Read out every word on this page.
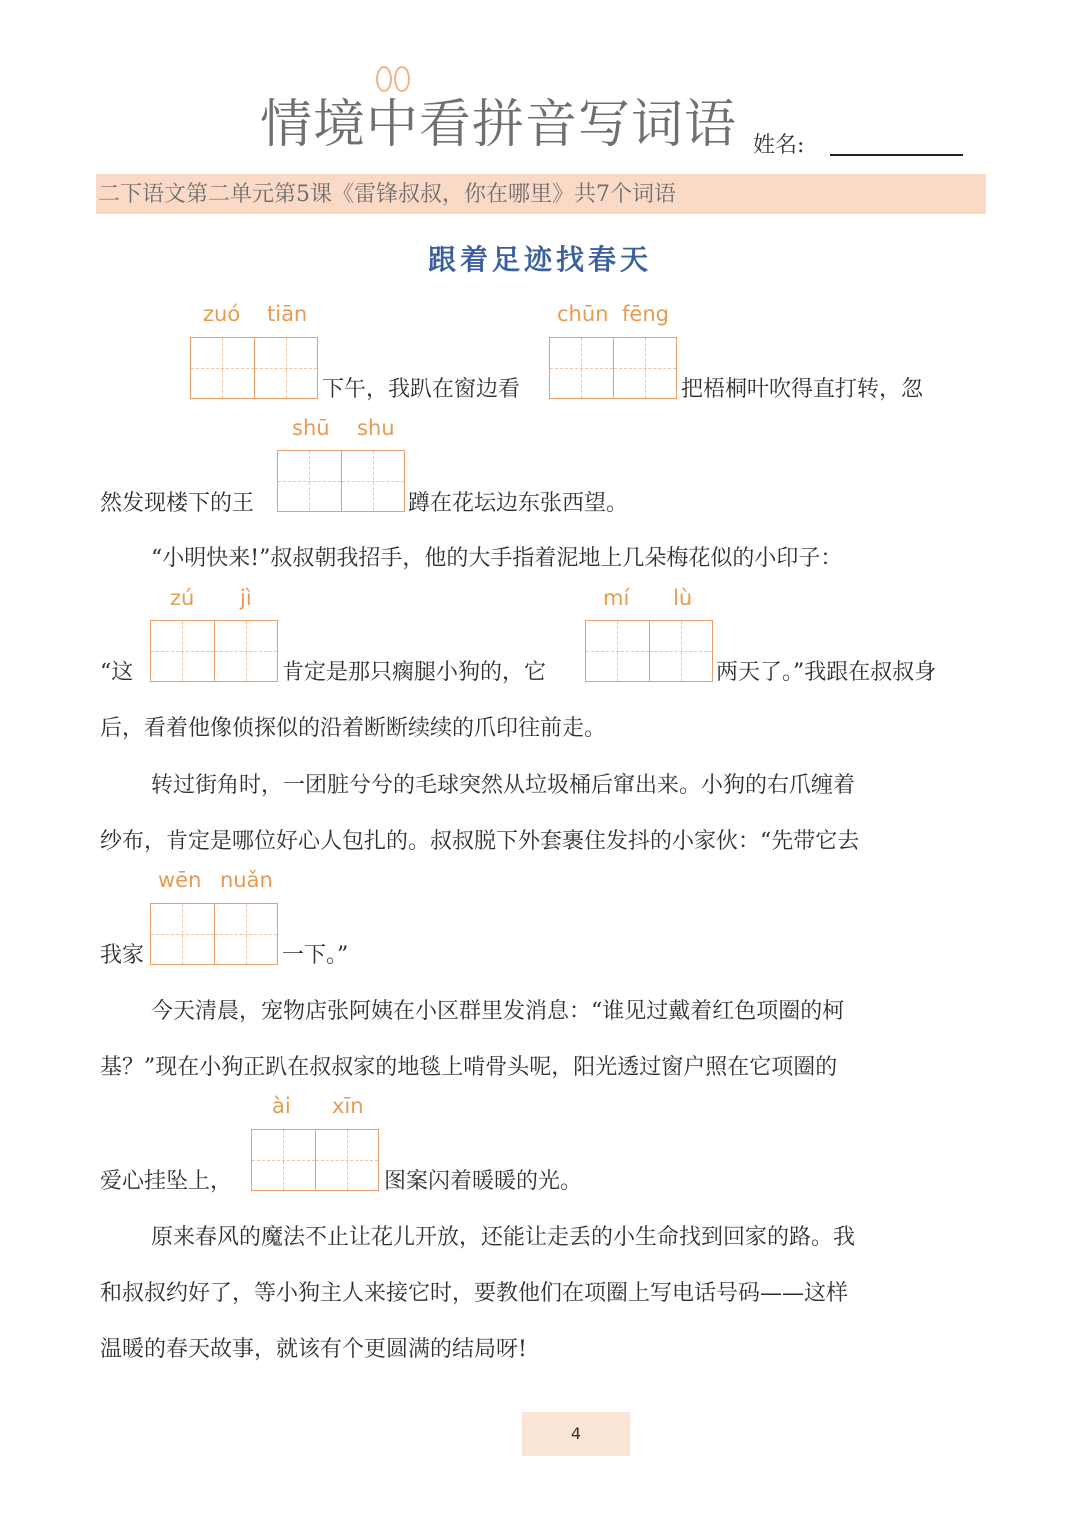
情境中看拼音写词语 姓名:
二下语文第二单元第5课《雷锋叔叔，你在哪里》共7个词语
跟着足迹找春天
zuó tiān
下午，我趴在窗边看
chūn fēng
把梧桐叶吹得直打转，忽
shū shu
然发现楼下的王	蹲在花坛边东张西望。
“小明快来!”叔叔朝我招手，他的大手指着泥地上几朵梅花似的小印子：
zú jì
“这	肯定是那只瘸腿小狗的，它
mí lù
两天了。”我跟在叔叔身
后，看着他像侦探似的沿着断断续续的爪印往前走。
转过街角时，一团脏兮兮的毛球突然从垃圾桶后窜出来。小狗的右爪缠着
纱布，肯定是哪位好心人包扎的。叔叔脱下外套裹住发抖的小家伙：“先带它去
wēn nuǎn
我家	一下。”
今天清晨，宠物店张阿姨在小区群里发消息：“谁见过戴着红色项圈的柯
基？”现在小狗正趴在叔叔家的地毯上啃骨头呢，阳光透过窗户照在它项圈的
ài xīn
爱心挂坠上，	图案闪着暖暖的光。
原来春风的魔法不止让花儿开放，还能让走丢的小生命找到回家的路。我
和叔叔约好了，等小狗主人来接它时，要教他们在项圈上写电话号码——这样
温暖的春天故事，就该有个更圆满的结局呀!
4
